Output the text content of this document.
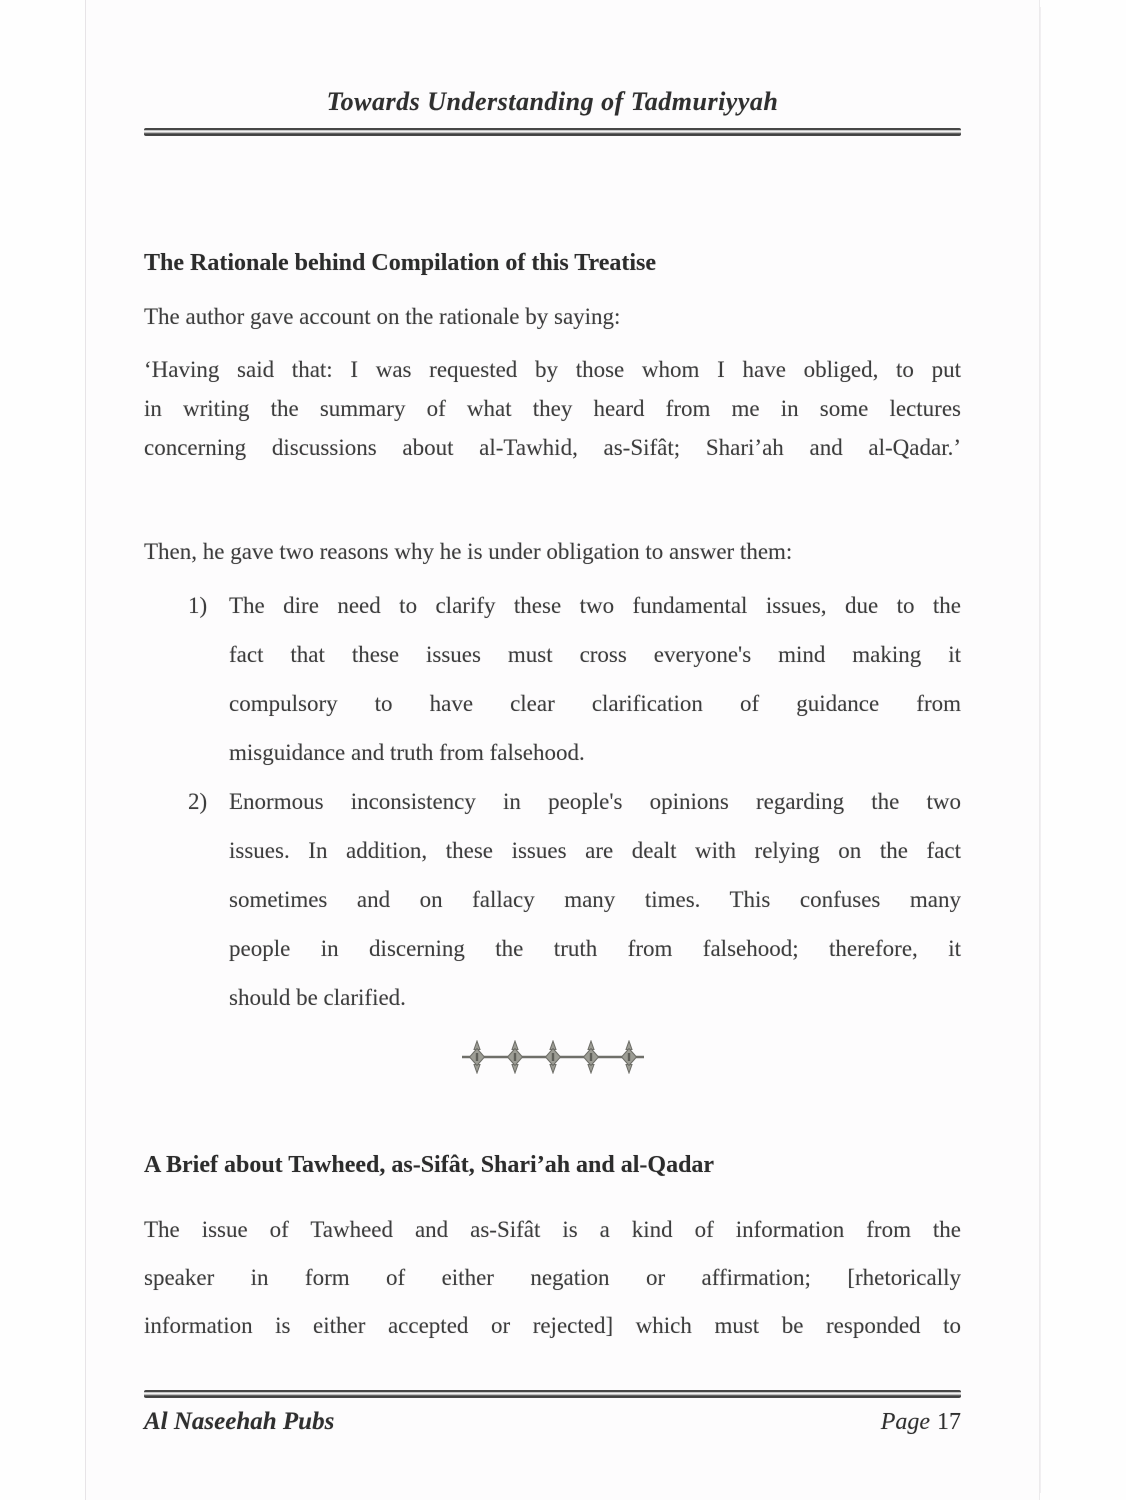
Towards Understanding of Tadmuriyyah
The Rationale behind Compilation of this Treatise
The author gave account on the rationale by saying:
‘Having said that: I was requested by those whom I have obliged, to put
in writing the summary of what they heard from me in some lectures
concerning discussions about al-Tawhid, as-Sifât; Shari’ah and al-Qadar.’
Then, he gave two reasons why he is under obligation to answer them:
1) The dire need to clarify these two fundamental issues, due to the
fact that these issues must cross everyone's mind making it
compulsory to have clear clarification of guidance from
misguidance and truth from falsehood.
2) Enormous inconsistency in people's opinions regarding the two
issues. In addition, these issues are dealt with relying on the fact
sometimes and on fallacy many times. This confuses many
people in discerning the truth from falsehood; therefore, it
should be clarified.
A Brief about Tawheed, as-Sifât, Shari’ah and al-Qadar
The issue of Tawheed and as-Sifât is a kind of information from the
speaker in form of either negation or affirmation; [rhetorically
information is either accepted or rejected] which must be responded to
Al Naseehah Pubs	Page 17
